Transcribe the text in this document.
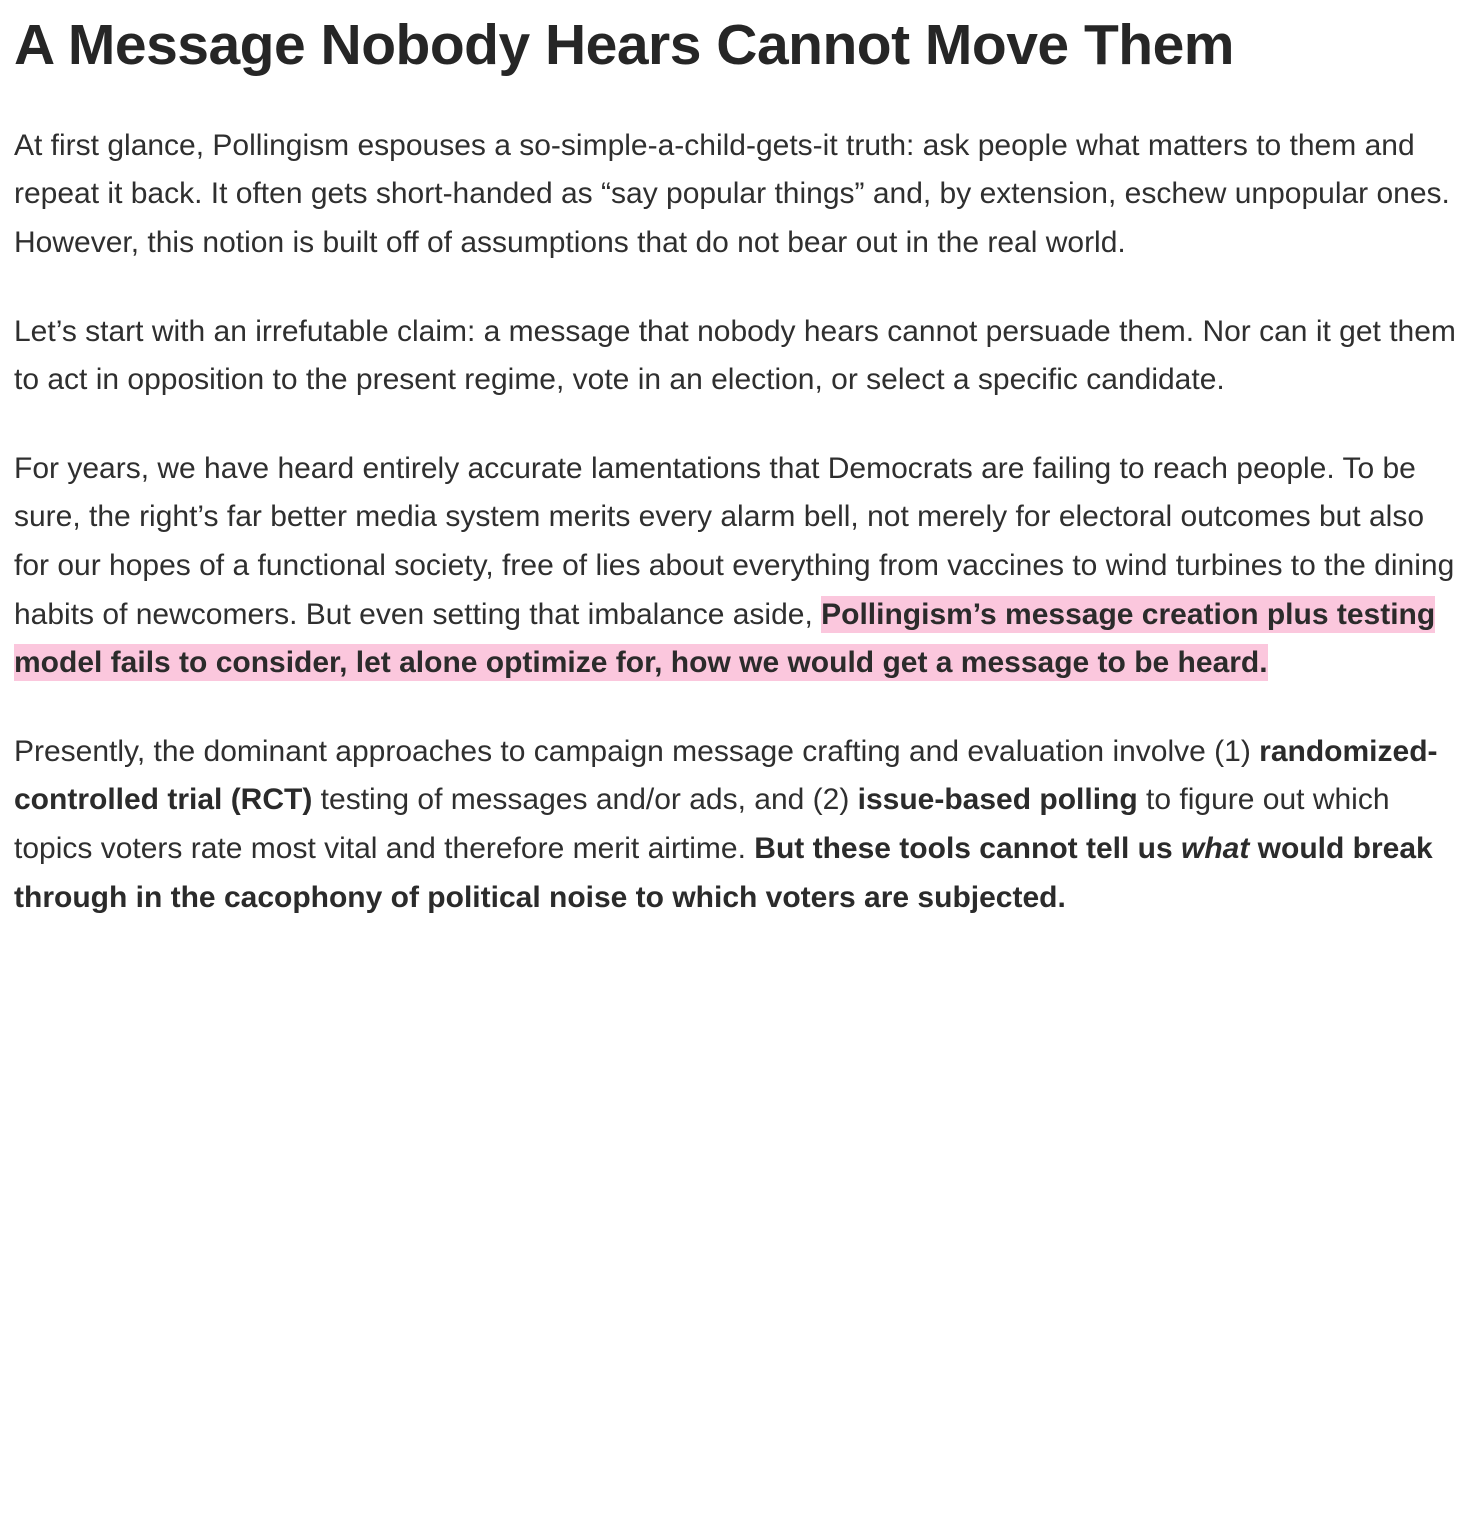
A Message Nobody Hears Cannot Move Them

At first glance, Pollingism espouses a so-simple-a-child-gets-it truth: ask people what matters to them and repeat it back. It often gets short-handed as “say popular things” and, by extension, eschew unpopular ones. However, this notion is built off of assumptions that do not bear out in the real world.

Let’s start with an irrefutable claim: a message that nobody hears cannot persuade them. Nor can it get them to act in opposition to the present regime, vote in an election, or select a specific candidate.

For years, we have heard entirely accurate lamentations that Democrats are failing to reach people. To be sure, the right’s far better media system merits every alarm bell, not merely for electoral outcomes but also for our hopes of a functional society, free of lies about everything from vaccines to wind turbines to the dining habits of newcomers. But even setting that imbalance aside, Pollingism’s message creation plus testing model fails to consider, let alone optimize for, how we would get a message to be heard.

Presently, the dominant approaches to campaign message crafting and evaluation involve (1) randomized-controlled trial (RCT) testing of messages and/or ads, and (2) issue-based polling to figure out which topics voters rate most vital and therefore merit airtime. But these tools cannot tell us what would break through in the cacophony of political noise to which voters are subjected.
